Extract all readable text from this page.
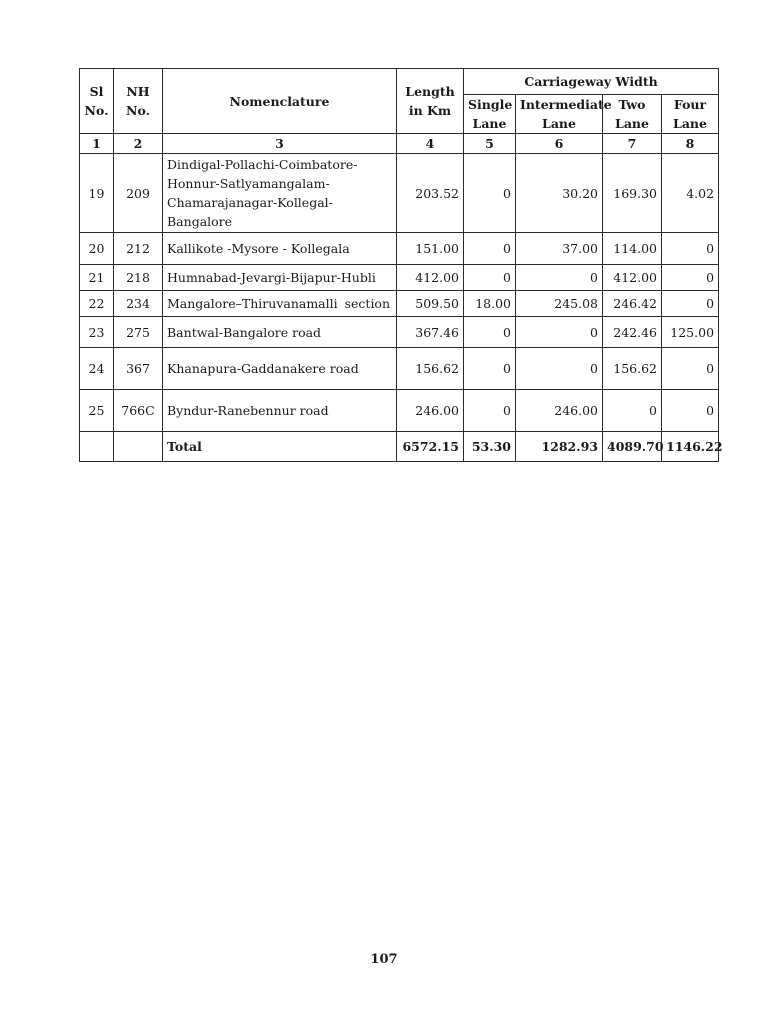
Sl No.	NH No.	Nomenclature	Length in Km	Carriageway Width			
				Single Lane	Intermediate Lane	Two Lane	Four Lane
1	2	3	4	5	6	7	8
19	209	Dindigal-Pollachi-Coimbatore-Honnur-Satlyamangalam-Chamarajanagar-Kollegal-Bangalore	203.52	0	30.20	169.30	4.02
20	212	Kallikote -Mysore - Kollegala	151.00	0	37.00	114.00	0
21	218	Humnabad-Jevargi-Bijapur-Hubli	412.00	0	0	412.00	0
22	234	Mangalore–Thiruvanamalli section	509.50	18.00	245.08	246.42	0
23	275	Bantwal-Bangalore road	367.46	0	0	242.46	125.00
24	367	Khanapura-Gaddanakere road	156.62	0	0	156.62	0
25	766C	Byndur-Ranebennur road	246.00	0	246.00	0	0
		Total	6572.15	53.30	1282.93	4089.70	1146.22
107
